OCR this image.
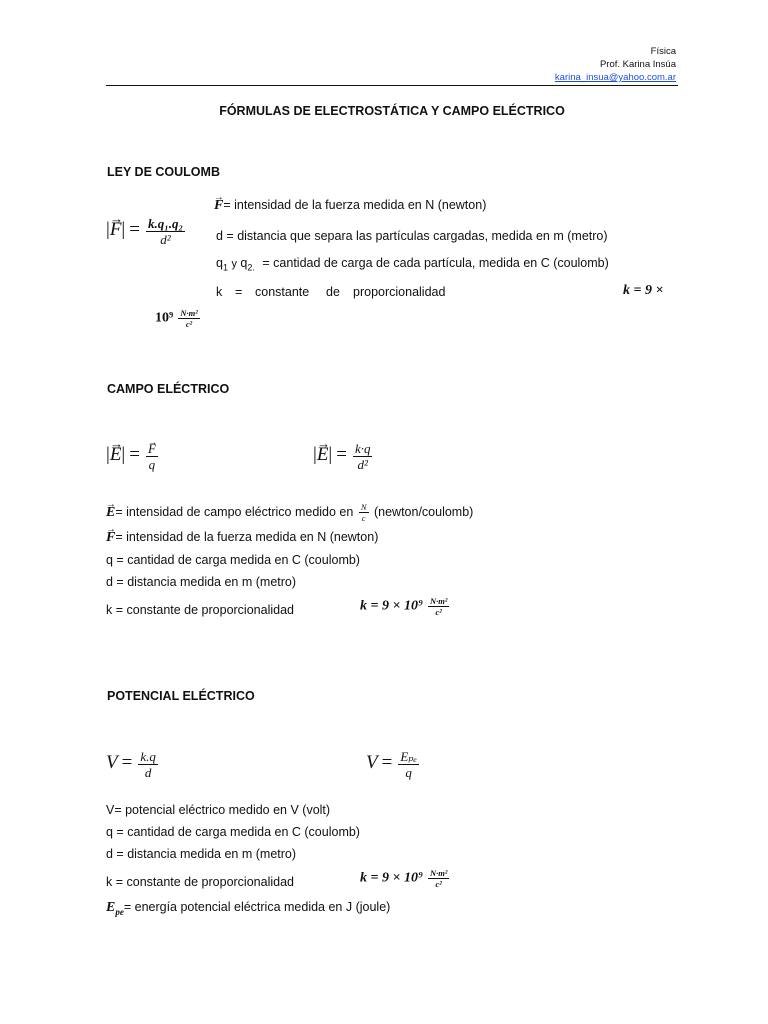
Física
Prof. Karina Insúa
karina_insua@yahoo.com.ar
FÓRMULAS DE ELECTROSTÁTICA Y CAMPO ELÉCTRICO
LEY DE COULOMB
|→ $F| = \frac{\text{k.q₁.q₂}}{\text{d²}}$
→ F= intensidad de la fuerza medida en N (newton)
d = distancia que separa las partículas cargadas, medida en m (metro)
$q_1$ y $q_{2.}$ = cantidad de carga de cada partícula, medida en C (coulomb)
k = constante de proporcionalidad	k = 9 ×
$10^9 \frac{\text{N·m²}}{\text{c²}}$
CAMPO ELÉCTRICO
|→ E| =
→ $\frac{F}{q}$	|→ $E| = \frac{k\cdot q}{\text{d²}}$
→ E= intensidad de campo eléctrico medido en $\frac{N}{c}$ (newton/coulomb)
→ F= intensidad de la fuerza medida en N (newton)
q = cantidad de carga medida en C (coulomb)
d = distancia medida en m (metro)
k = constante de proporcionalidad	$k = 9 \times 10^9 \frac{\text{N·m²}}{\text{c²}}$
POTENCIAL ELÉCTRICO
$V = \frac{k.q}{d}$	$V = \frac{\text{Eₚₑ}}{q}$
V= potencial eléctrico medido en V (volt)
q = cantidad de carga medida en C (coulomb)
d = distancia medida en m (metro)
k = constante de proporcionalidad	$k = 9 \times 10^9 \frac{\text{N·m²}}{\text{c²}}$
$E_{pe}=$ energía potencial eléctrica medida en J (joule)
